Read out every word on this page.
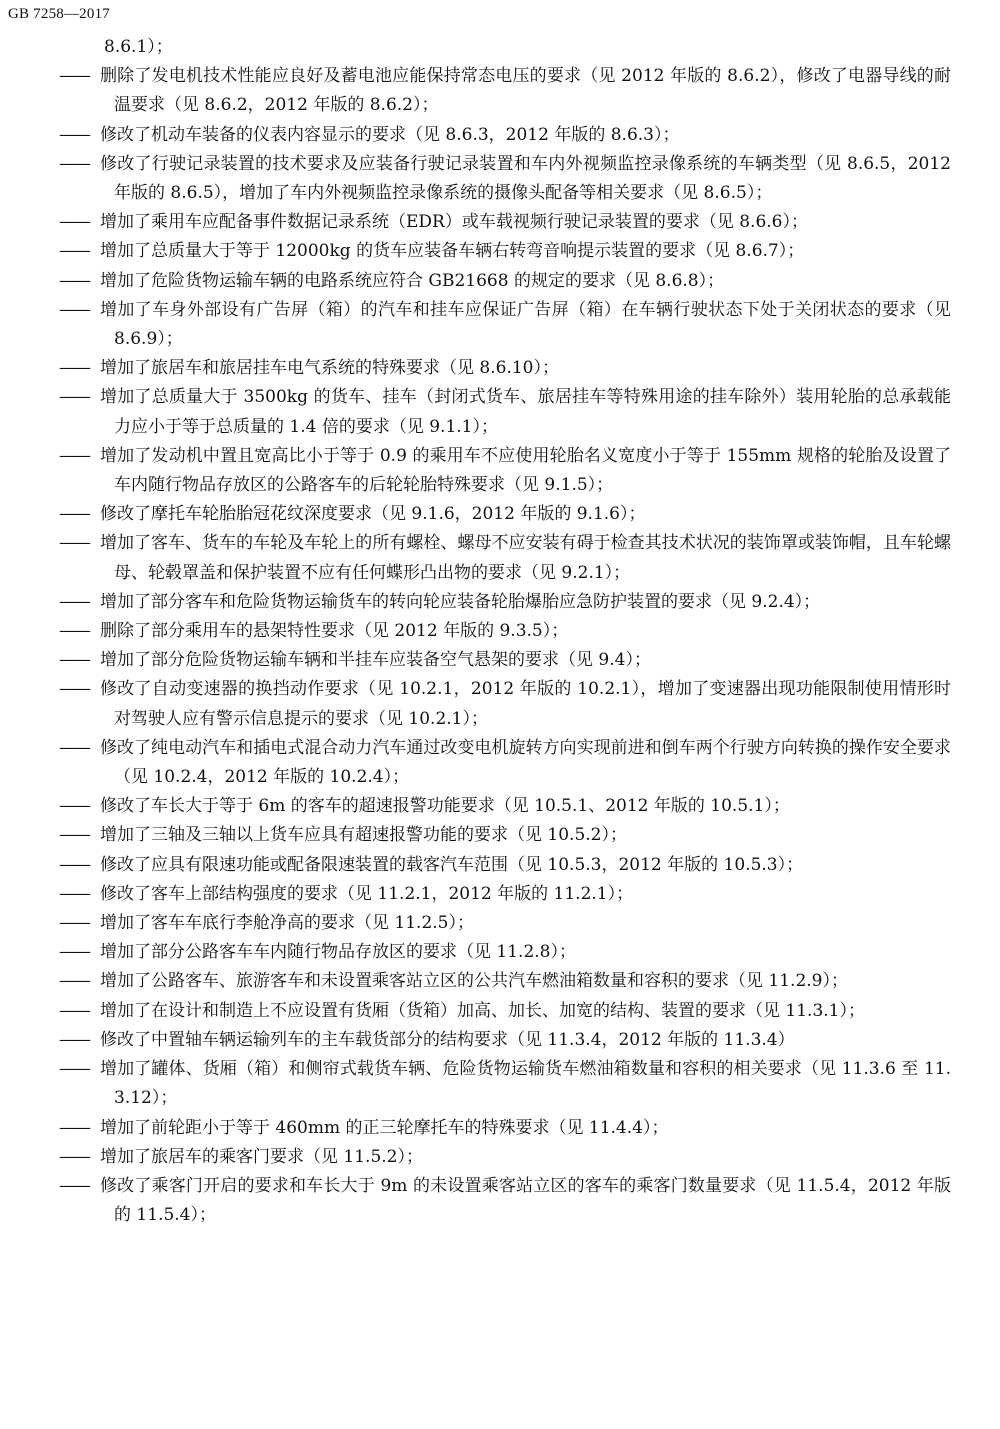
GB 7258—2017

8.6.1）；

—— 删除了发电机技术性能应良好及蓄电池应能保持常态电压的要求（见 2012 年版的 8.6.2），修改了电器导线的耐温要求（见 8.6.2，2012 年版的 8.6.2）；
—— 修改了机动车装备的仪表内容显示的要求（见 8.6.3，2012 年版的 8.6.3）；
—— 修改了行驶记录装置的技术要求及应装备行驶记录装置和车内外视频监控录像系统的车辆类型（见 8.6.5，2012 年版的 8.6.5），增加了车内外视频监控录像系统的摄像头配备等相关要求（见 8.6.5）；
—— 增加了乘用车应配备事件数据记录系统（EDR）或车载视频行驶记录装置的要求（见 8.6.6）；
—— 增加了总质量大于等于 12000kg 的货车应装备车辆右转弯音响提示装置的要求（见 8.6.7）；
—— 增加了危险货物运输车辆的电路系统应符合 GB21668 的规定的要求（见 8.6.8）；
—— 增加了车身外部设有广告屏（箱）的汽车和挂车应保证广告屏（箱）在车辆行驶状态下处于关闭状态的要求（见 8.6.9）；
—— 增加了旅居车和旅居挂车电气系统的特殊要求（见 8.6.10）；
—— 增加了总质量大于 3500kg 的货车、挂车（封闭式货车、旅居挂车等特殊用途的挂车除外）装用轮胎的总承载能力应小于等于总质量的 1.4 倍的要求（见 9.1.1）；
—— 增加了发动机中置且宽高比小于等于 0.9 的乘用车不应使用轮胎名义宽度小于等于 155mm 规格的轮胎及设置了车内随行物品存放区的公路客车的后轮轮胎特殊要求（见 9.1.5）；
—— 修改了摩托车轮胎胎冠花纹深度要求（见 9.1.6，2012 年版的 9.1.6）；
—— 增加了客车、货车的车轮及车轮上的所有螺栓、螺母不应安装有碍于检查其技术状况的装饰罩或装饰帽，且车轮螺母、轮毂罩盖和保护装置不应有任何蝶形凸出物的要求（见 9.2.1）；
—— 增加了部分客车和危险货物运输货车的转向轮应装备轮胎爆胎应急防护装置的要求（见 9.2.4）；
—— 删除了部分乘用车的悬架特性要求（见 2012 年版的 9.3.5）；
—— 增加了部分危险货物运输车辆和半挂车应装备空气悬架的要求（见 9.4）；
—— 修改了自动变速器的换挡动作要求（见 10.2.1，2012 年版的 10.2.1），增加了变速器出现功能限制使用情形时对驾驶人应有警示信息提示的要求（见 10.2.1）；
—— 修改了纯电动汽车和插电式混合动力汽车通过改变电机旋转方向实现前进和倒车两个行驶方向转换的操作安全要求（见 10.2.4，2012 年版的 10.2.4）；
—— 修改了车长大于等于 6m 的客车的超速报警功能要求（见 10.5.1、2012 年版的 10.5.1）；
—— 增加了三轴及三轴以上货车应具有超速报警功能的要求（见 10.5.2）；
—— 修改了应具有限速功能或配备限速装置的载客汽车范围（见 10.5.3，2012 年版的 10.5.3）；
—— 修改了客车上部结构强度的要求（见 11.2.1，2012 年版的 11.2.1）；
—— 增加了客车车底行李舱净高的要求（见 11.2.5）；
—— 增加了部分公路客车车内随行物品存放区的要求（见 11.2.8）；
—— 增加了公路客车、旅游客车和未设置乘客站立区的公共汽车燃油箱数量和容积的要求（见 11.2.9）；
—— 增加了在设计和制造上不应设置有货厢（货箱）加高、加长、加宽的结构、装置的要求（见 11.3.1）；
—— 修改了中置轴车辆运输列车的主车载货部分的结构要求（见 11.3.4，2012 年版的 11.3.4）
—— 增加了罐体、货厢（箱）和侧帘式载货车辆、危险货物运输货车燃油箱数量和容积的相关要求（见 11.3.6 至 11.3.12）；
—— 增加了前轮距小于等于 460mm 的正三轮摩托车的特殊要求（见 11.4.4）；
—— 增加了旅居车的乘客门要求（见 11.5.2）；
—— 修改了乘客门开启的要求和车长大于 9m 的未设置乘客站立区的客车的乘客门数量要求（见 11.5.4，2012 年版的 11.5.4）；
